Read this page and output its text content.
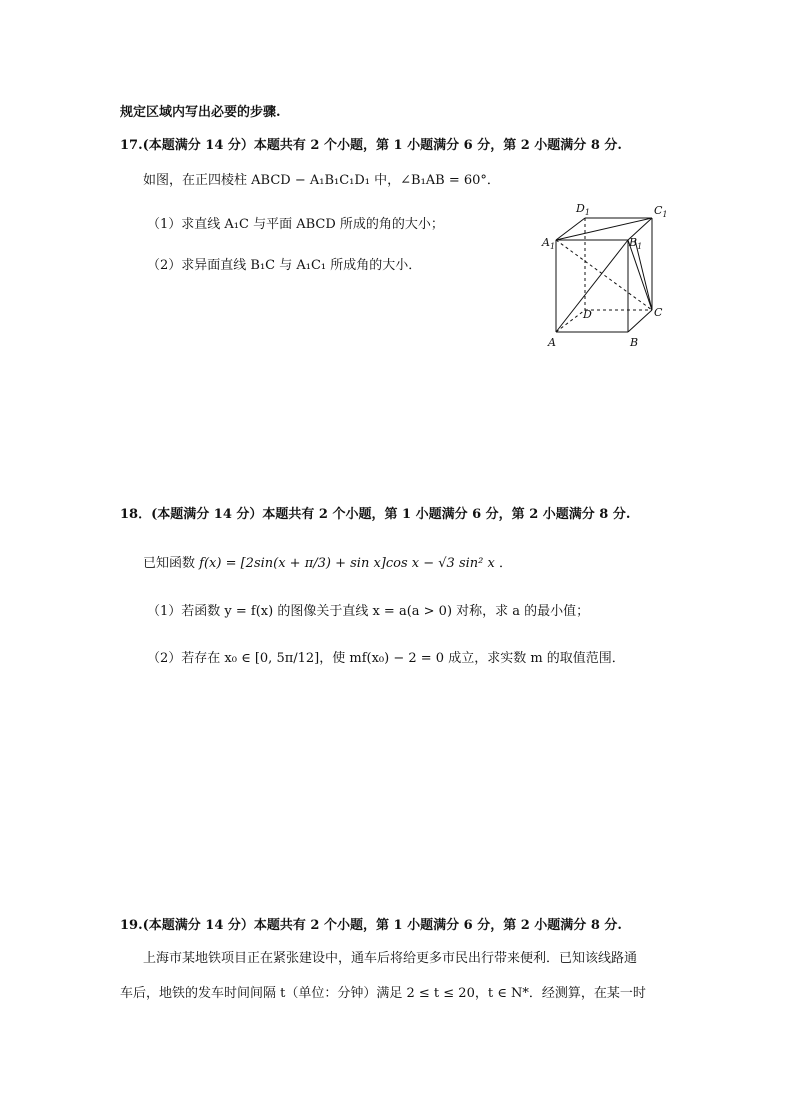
规定区域内写出必要的步骤.
17.(本题满分 14 分）本题共有 2 个小题，第 1 小题满分 6 分，第 2 小题满分 8 分.
如图，在正四棱柱 ABCD − A₁B₁C₁D₁ 中，∠B₁AB = 60°．
（1）求直线 A₁C 与平面 ABCD 所成的角的大小；
（2）求异面直线 B₁C 与 A₁C₁ 所成角的大小．
$D_1$	$C_1$
$A_1$	$B_1$
D	C
A	B
18．(本题满分 14 分）本题共有 2 个小题，第 1 小题满分 6 分，第 2 小题满分 8 分.
已知函数 f(x) = [2sin(x + π/3) + sin x]cos x − √3 sin² x ．
（1）若函数 y = f(x) 的图像关于直线 x = a(a > 0) 对称，求 a 的最小值；
（2）若存在 x₀ ∈ [0, 5π/12]，使 mf(x₀) − 2 = 0 成立，求实数 m 的取值范围．
19.(本题满分 14 分）本题共有 2 个小题，第 1 小题满分 6 分，第 2 小题满分 8 分.
上海市某地铁项目正在紧张建设中，通车后将给更多市民出行带来便利．已知该线路通
车后，地铁的发车时间间隔 t（单位：分钟）满足 2 ≤ t ≤ 20，t ∈ N*．经测算，在某一时
